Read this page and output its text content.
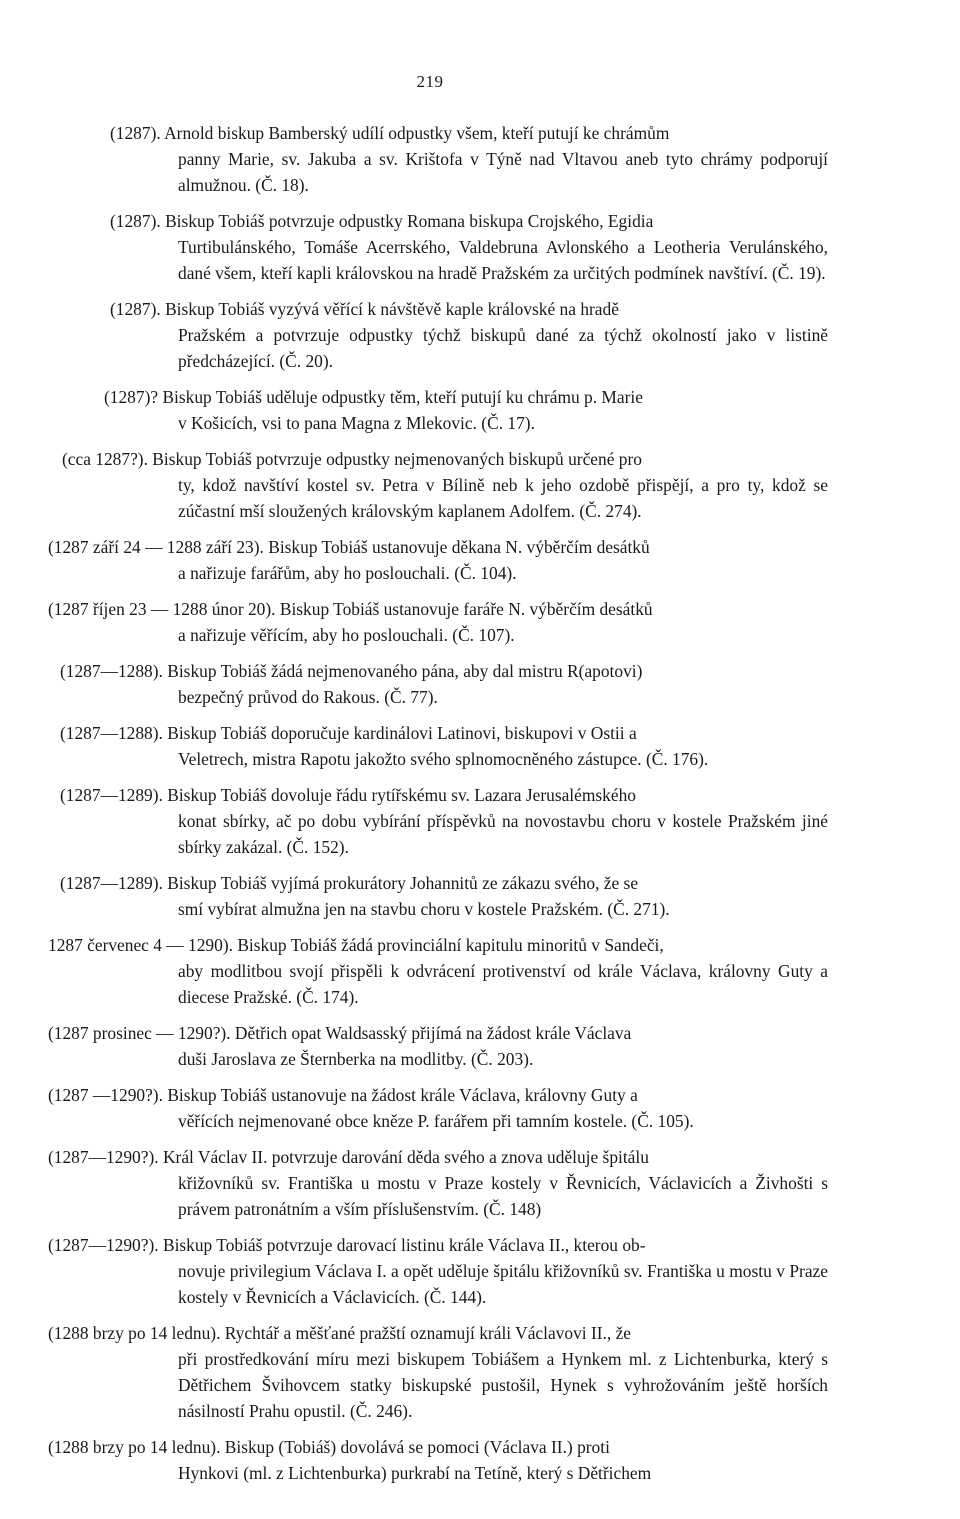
219
(1287). Arnold biskup Bamberský udílí odpustky všem, kteří putují ke chrámům
panny Marie, sv. Jakuba a sv. Krištofa v Týně nad Vltavou aneb tyto chrámy podporují almužnou. (Č. 18).
(1287). Biskup Tobiáš potvrzuje odpustky Romana biskupa Crojského, Egidia
Turtibulánského, Tomáše Acerrského, Valdebruna Avlonského a Leotheria Verulánského, dané všem, kteří kapli královskou na hradě Pražském za určitých podmínek navštíví. (Č. 19).
(1287). Biskup Tobiáš vyzývá věřící k návštěvě kaple královské na hradě
Pražském a potvrzuje odpustky týchž biskupů dané za týchž okolností jako v listině předcházející. (Č. 20).
(1287)? Biskup Tobiáš uděluje odpustky těm, kteří putují ku chrámu p. Marie
v Košicích, vsi to pana Magna z Mlekovic. (Č. 17).
(cca 1287?). Biskup Tobiáš potvrzuje odpustky nejmenovaných biskupů určené pro
ty, kdož navštíví kostel sv. Petra v Bílině neb k jeho ozdobě přispějí, a pro ty, kdož se zúčastní mší sloužených královským kaplanem Adolfem. (Č. 274).
(1287 září 24 — 1288 září 23). Biskup Tobiáš ustanovuje děkana N. výběrčím desátků
a nařizuje farářům, aby ho poslouchali. (Č. 104).
(1287 říjen 23 — 1288 únor 20). Biskup Tobiáš ustanovuje faráře N. výběrčím desátků
a nařizuje věřícím, aby ho poslouchali. (Č. 107).
(1287—1288). Biskup Tobiáš žádá nejmenovaného pána, aby dal mistru R(apotovi)
bezpečný průvod do Rakous. (Č. 77).
(1287—1288). Biskup Tobiáš doporučuje kardinálovi Latinovi, biskupovi v Ostii a
Veletrech, mistra Rapotu jakožto svého splnomocněného zástupce. (Č. 176).
(1287—1289). Biskup Tobiáš dovoluje řádu rytířskému sv. Lazara Jerusalémského
konat sbírky, ač po dobu vybírání příspěvků na novostavbu choru v kostele Pražském jiné sbírky zakázal. (Č. 152).
(1287—1289). Biskup Tobiáš vyjímá prokurátory Johannitů ze zákazu svého, že se
smí vybírat almužna jen na stavbu choru v kostele Pražském. (Č. 271).
1287 červenec 4 — 1290). Biskup Tobiáš žádá provinciální kapitulu minoritů v Sandeči,
aby modlitbou svojí přispěli k odvrácení protivenství od krále Václava, královny Guty a diecese Pražské. (Č. 174).
(1287 prosinec — 1290?). Dětřich opat Waldsasský přijímá na žádost krále Václava
duši Jaroslava ze Šternberka na modlitby. (Č. 203).
(1287 —1290?). Biskup Tobiáš ustanovuje na žádost krále Václava, královny Guty a
věřících nejmenované obce kněze P. farářem při tamním kostele. (Č. 105).
(1287—1290?). Král Václav II. potvrzuje darování děda svého a znova uděluje špitálu
křižovníků sv. Františka u mostu v Praze kostely v Řevnicích, Václavicích a Živhošti s právem patronátním a vším příslušenstvím. (Č. 148)
(1287—1290?). Biskup Tobiáš potvrzuje darovací listinu krále Václava II., kterou ob-
novuje privilegium Václava I. a opět uděluje špitálu křižovníků sv. Františka u mostu v Praze kostely v Řevnicích a Václavicích. (Č. 144).
(1288 brzy po 14 lednu). Rychtář a měšťané pražští oznamují králi Václavovi II., že
při prostředkování míru mezi biskupem Tobiášem a Hynkem ml. z Lichtenburka, který s Dětřichem Švihovcem statky biskupské pustošil, Hynek s vyhrožováním ještě horších násilností Prahu opustil. (Č. 246).
(1288 brzy po 14 lednu). Biskup (Tobiáš) dovolává se pomoci (Václava II.) proti
Hynkovi (ml. z Lichtenburka) purkrabí na Tetíně, který s Dětřichem
